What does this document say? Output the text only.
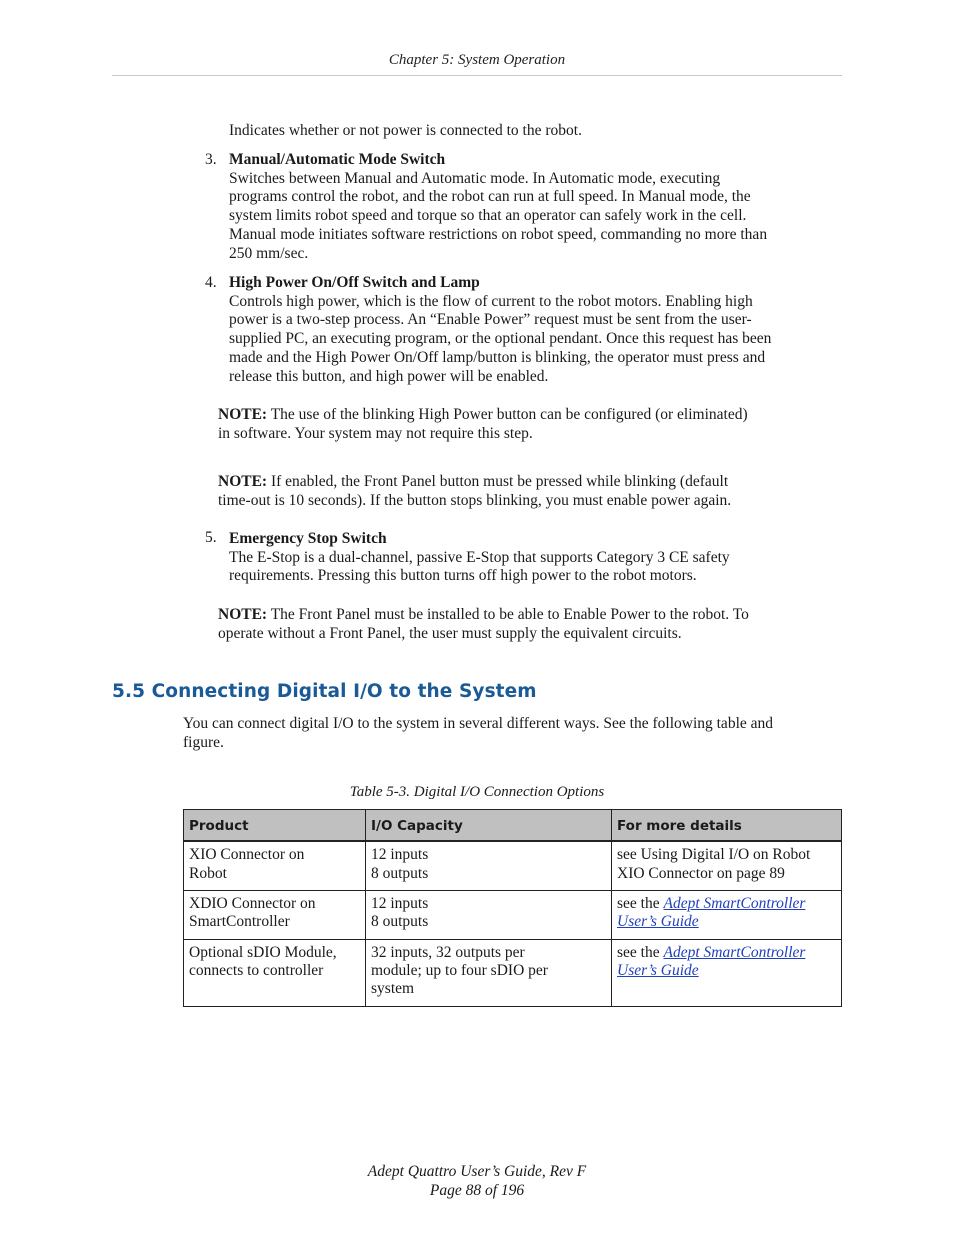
Chapter 5: System Operation

Indicates whether or not power is connected to the robot.

3. Manual/Automatic Mode Switch

Switches between Manual and Automatic mode. In Automatic mode, executing

programs control the robot, and the robot can run at full speed. In Manual mode, the

system limits robot speed and torque so that an operator can safely work in the cell.

Manual mode initiates software restrictions on robot speed, commanding no more than

250 mm/sec.

4. High Power On/Off Switch and Lamp

Controls high power, which is the flow of current to the robot motors. Enabling high

power is a two-step process. An “Enable Power” request must be sent from the user-

supplied PC, an executing program, or the optional pendant. Once this request has been

made and the High Power On/Off lamp/button is blinking, the operator must press and

release this button, and high power will be enabled.

NOTE: The use of the blinking High Power button can be configured (or eliminated)

in software. Your system may not require this step.

NOTE: If enabled, the Front Panel button must be pressed while blinking (default

time-out is 10 seconds). If the button stops blinking, you must enable power again.

5. Emergency Stop Switch

The E-Stop is a dual-channel, passive E-Stop that supports Category 3 CE safety

requirements. Pressing this button turns off high power to the robot motors.

NOTE: The Front Panel must be installed to be able to Enable Power to the robot. To

operate without a Front Panel, the user must supply the equivalent circuits.

5.5 Connecting Digital I/O to the System

You can connect digital I/O to the system in several different ways. See the following table and

figure.

Table 5-3. Digital I/O Connection Options
Product	I/O Capacity	For more details

XIO Connector on
Robot	12 inputs
8 outputs	see Using Digital I/O on Robot
XIO Connector on page 89

XDIO Connector on
SmartController	12 inputs
8 outputs	see the Adept SmartController
User’s Guide

Optional sDIO Module,
connects to controller	32 inputs, 32 outputs per
module; up to four sDIO per
system	see the Adept SmartController
User’s Guide
Adept Quattro User’s Guide, Rev F
Page 88 of 196
